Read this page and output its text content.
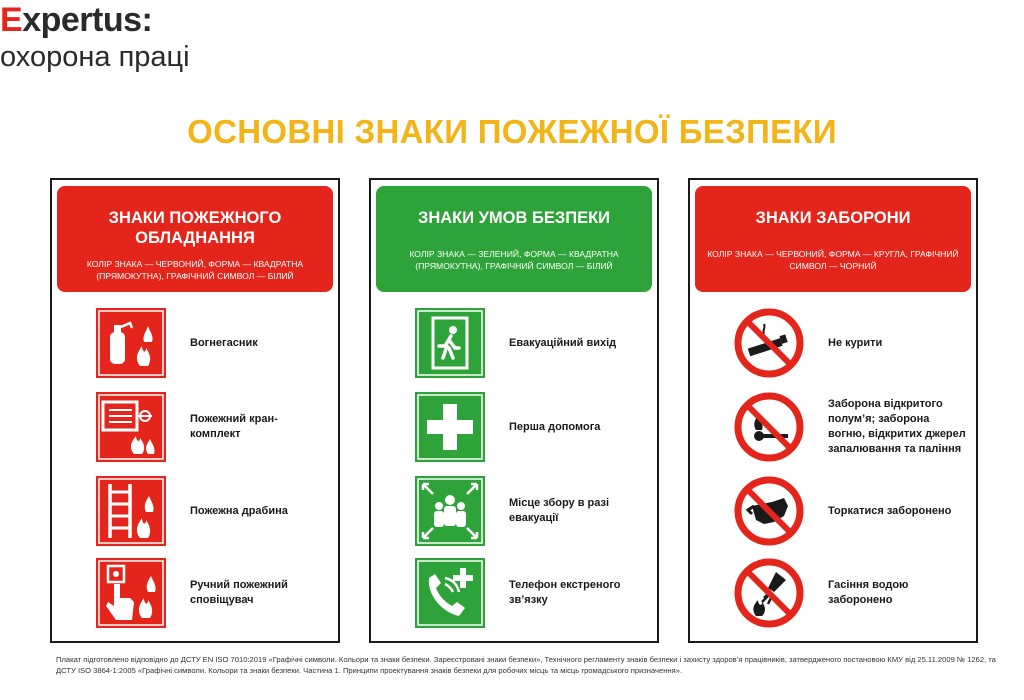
Expertus:
охорона праці
ОСНОВНІ ЗНАКИ ПОЖЕЖНОЇ БЕЗПЕКИ
ЗНАКИ ПОЖЕЖНОГО ОБЛАДНАННЯ
КОЛІР ЗНАКА — ЧЕРВОНИЙ, ФОРМА — КВАДРАТНА (ПРЯМОКУТНА), ГРАФІЧНИЙ СИМВОЛ — БІЛИЙ
Вогнегасник
Пожежний кран-комплект
Пожежна драбина
Ручний пожежний сповіщувач
ЗНАКИ УМОВ БЕЗПЕКИ
КОЛІР ЗНАКА — ЗЕЛЕНИЙ, ФОРМА — КВАДРАТНА (ПРЯМОКУТНА), ГРАФІЧНИЙ СИМВОЛ — БІЛИЙ
Евакуаційний вихід
Перша допомога
Місце збору в разі евакуації
Телефон екстреного зв’язку
ЗНАКИ ЗАБОРОНИ
КОЛІР ЗНАКА — ЧЕРВОНИЙ, ФОРМА — КРУГЛА, ГРАФІЧНИЙ СИМВОЛ — ЧОРНИЙ
Не курити
Заборона відкритого полум’я; заборона вогню, відкритих джерел запалювання та паління
Торкатися заборонено
Гасіння водою заборонено
Плакат підготовлено відповідно до ДСТУ EN ISO 7010:2019 «Графічні символи. Кольори та знаки безпеки. Зареєстровані знаки безпеки», Технічного регламенту знаків безпеки і захисту здоров’я працівників, затвердженого постановою КМУ від 25.11.2009 № 1262, та ДСТУ ISO 3864-1:2005 «Графічні символи. Кольори та знаки безпеки. Частина 1. Принципи проектування знаків безпеки для робочих місць та місць громадського призначення».
